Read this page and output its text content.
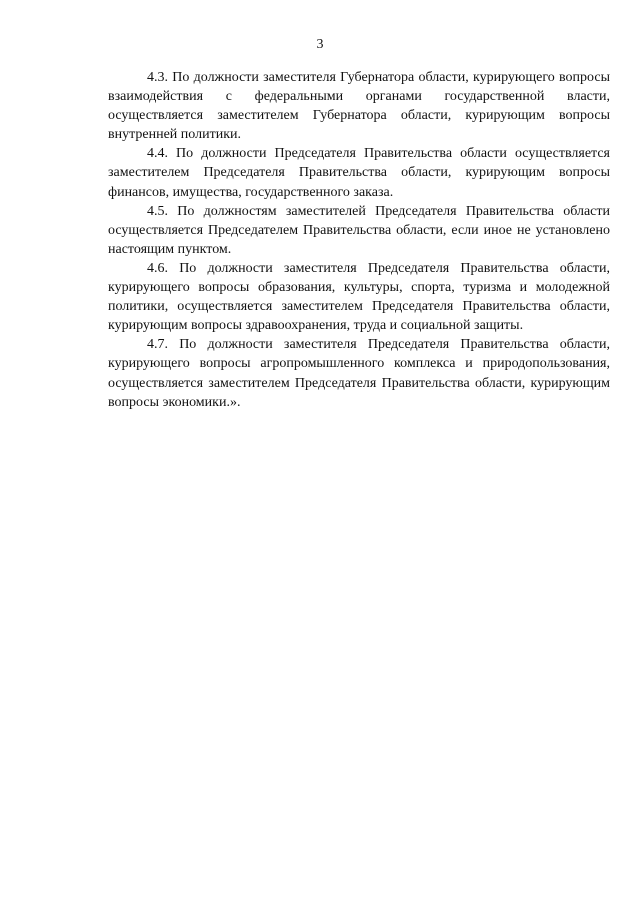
3

4.3. По должности заместителя Губернатора области, курирующего вопросы взаимодействия с федеральными органами государственной власти, осуществляется заместителем Губернатора области, курирующим вопросы внутренней политики.

4.4. По должности Председателя Правительства области осуществляется заместителем Председателя Правительства области, курирующим вопросы финансов, имущества, государственного заказа.

4.5. По должностям заместителей Председателя Правительства области осуществляется Председателем Правительства области, если иное не установлено настоящим пунктом.

4.6. По должности заместителя Председателя Правительства области, курирующего вопросы образования, культуры, спорта, туризма и молодежной политики, осуществляется заместителем Председателя Правительства области, курирующим вопросы здравоохранения, труда и социальной защиты.

4.7. По должности заместителя Председателя Правительства области, курирующего вопросы агропромышленного комплекса и природопользования, осуществляется заместителем Председателя Правительства области, курирующим вопросы экономики.».
